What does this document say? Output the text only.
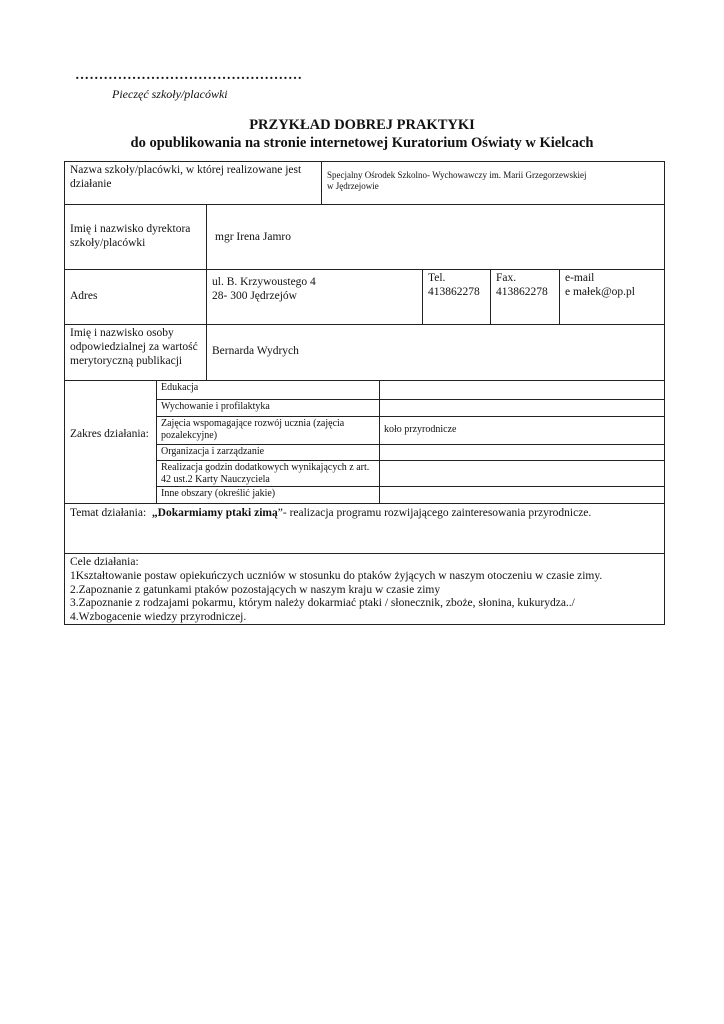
…………………………………………
Pieczęć szkoły/placówki
PRZYKŁAD DOBREJ PRAKTYKI
do opublikowania na stronie internetowej Kuratorium Oświaty w Kielcach
Nazwa szkoły/placówki, w której realizowane jest działanie
Specjalny Ośrodek Szkolno- Wychowawczy im. Marii Grzegorzewskiej
w Jędrzejowie
Imię i nazwisko dyrektora szkoły/placówki	mgr Irena Jamro
Adres
ul. B. Krzywoustego 4
28- 300 Jędrzejów
Tel.
413862278
Fax.
413862278
e-mail
e małek@op.pl
Imię i nazwisko osoby odpowiedzialnej za wartość merytoryczną publikacji
Bernarda Wydrych
Zakres działania:
Edukacja
Wychowanie i profilaktyka
Zajęcia wspomagające rozwój ucznia (zajęcia pozalekcyjne)
koło przyrodnicze
Organizacja i zarządzanie
Realizacja godzin dodatkowych wynikających z art. 42 ust.2 Karty Nauczyciela
Inne obszary (określić jakie)
Temat działania: „Dokarmiamy ptaki zimą”- realizacja programu rozwijającego zainteresowania przyrodnicze.
Cele działania:
1Kształtowanie postaw opiekuńczych uczniów w stosunku do ptaków żyjących w naszym otoczeniu w czasie zimy.
2.Zapoznanie z gatunkami ptaków pozostających w naszym kraju w czasie zimy
3.Zapoznanie z rodzajami pokarmu, którym należy dokarmiać ptaki / słonecznik, zboże, słonina, kukurydza../
4.Wzbogacenie wiedzy przyrodniczej.
